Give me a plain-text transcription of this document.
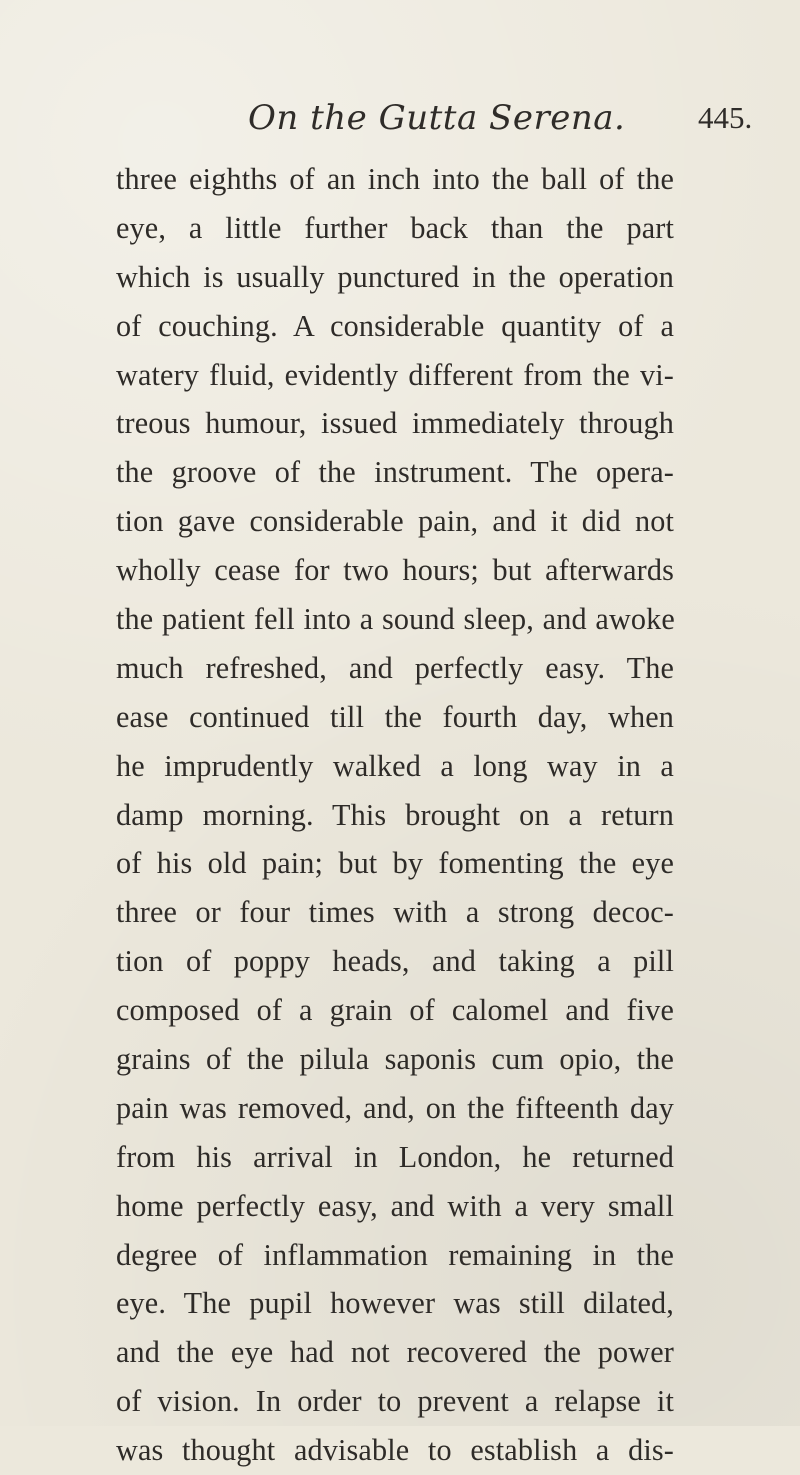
On the Gutta Serena. 445.
three eighths of an inch into the ball of the
eye, a little further back than the part
which is usually punctured in the operation
of couching. A considerable quantity of a
watery fluid, evidently different from the vi-
treous humour, issued immediately through
the groove of the instrument. The opera-
tion gave considerable pain, and it did not
wholly cease for two hours; but afterwards
the patient fell into a sound sleep, and awoke
much refreshed, and perfectly easy. The
ease continued till the fourth day, when
he imprudently walked a long way in a
damp morning. This brought on a return
of his old pain; but by fomenting the eye
three or four times with a strong decoc-
tion of poppy heads, and taking a pill
composed of a grain of calomel and five
grains of the pilula saponis cum opio, the
pain was removed, and, on the fifteenth day
from his arrival in London, he returned
home perfectly easy, and with a very small
degree of inflammation remaining in the
eye. The pupil however was still dilated,
and the eye had not recovered the power
of vision. In order to prevent a relapse it
was thought advisable to establish a dis-
